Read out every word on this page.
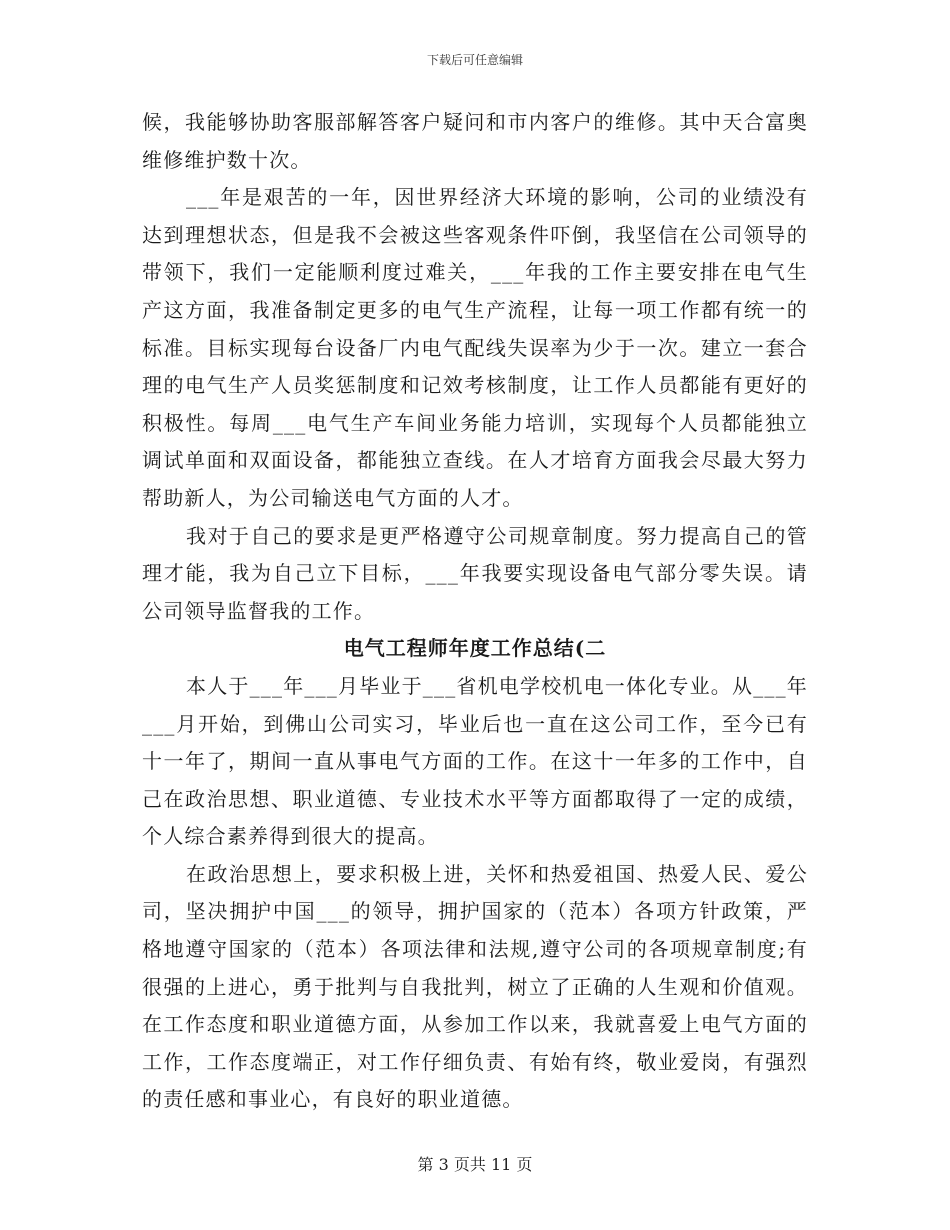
下载后可任意编辑

候，我能够协助客服部解答客户疑问和市内客户的维修。其中天合富奥维修维护数十次。

___年是艰苦的一年，因世界经济大环境的影响，公司的业绩没有达到理想状态，但是我不会被这些客观条件吓倒，我坚信在公司领导的带领下，我们一定能顺利度过难关，___年我的工作主要安排在电气生产这方面，我准备制定更多的电气生产流程，让每一项工作都有统一的标准。目标实现每台设备厂内电气配线失误率为少于一次。建立一套合理的电气生产人员奖惩制度和记效考核制度，让工作人员都能有更好的积极性。每周___电气生产车间业务能力培训，实现每个人员都能独立调试单面和双面设备，都能独立查线。在人才培育方面我会尽最大努力帮助新人，为公司输送电气方面的人才。

我对于自己的要求是更严格遵守公司规章制度。努力提高自己的管理才能，我为自己立下目标，___年我要实现设备电气部分零失误。请公司领导监督我的工作。

电气工程师年度工作总结(二

本人于___年___月毕业于___省机电学校机电一体化专业。从___年___月开始，到佛山公司实习，毕业后也一直在这公司工作，至今已有十一年了，期间一直从事电气方面的工作。在这十一年多的工作中，自己在政治思想、职业道德、专业技术水平等方面都取得了一定的成绩，个人综合素养得到很大的提高。

在政治思想上，要求积极上进，关怀和热爱祖国、热爱人民、爱公司，坚决拥护中国___的领导，拥护国家的（范本）各项方针政策，严格地遵守国家的（范本）各项法律和法规,遵守公司的各项规章制度;有很强的上进心，勇于批判与自我批判，树立了正确的人生观和价值观。在工作态度和职业道德方面，从参加工作以来，我就喜爱上电气方面的工作，工作态度端正，对工作仔细负责、有始有终，敬业爱岗，有强烈的责任感和事业心，有良好的职业道德。

第 3 页共 11 页
